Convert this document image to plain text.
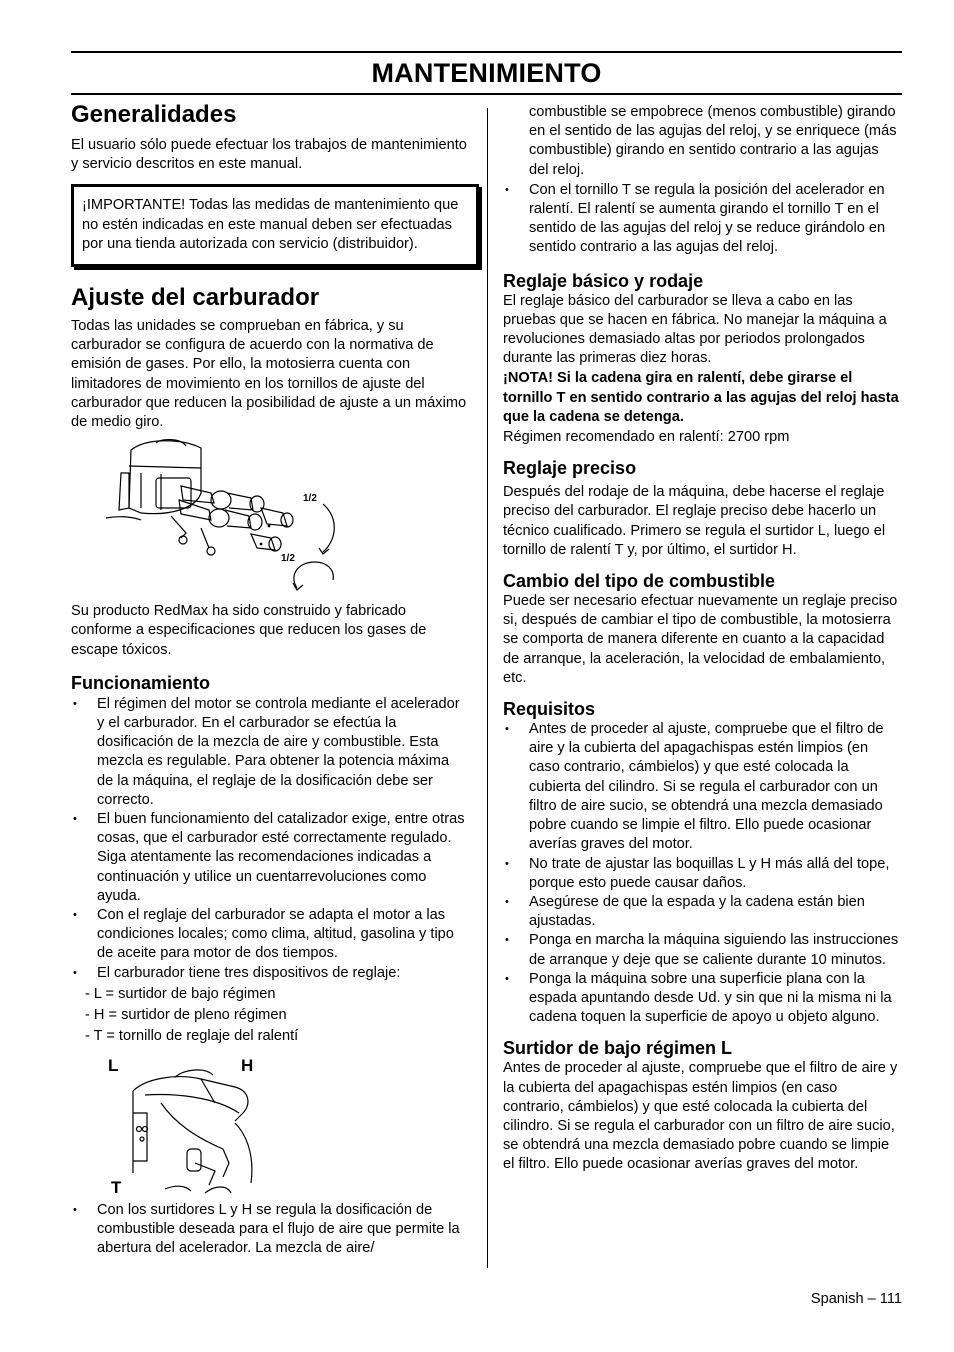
MANTENIMIENTO
Generalidades

El usuario sólo puede efectuar los trabajos de mantenimiento y servicio descritos en este manual.

¡IMPORTANTE! Todas las medidas de mantenimiento que no estén indicadas en este manual deben ser efectuadas por una tienda autorizada con servicio (distribuidor).
Ajuste del carburador

Todas las unidades se comprueban en fábrica, y su carburador se configura de acuerdo con la normativa de emisión de gases. Por ello, la motosierra cuenta con limitadores de movimiento en los tornillos de ajuste del carburador que reducen la posibilidad de ajuste a un máximo de medio giro.

1/2
1/2

Su producto RedMax ha sido construido y fabricado conforme a especificaciones que reducen los gases de escape tóxicos.

Funcionamiento
• El régimen del motor se controla mediante el acelerador y el carburador. En el carburador se efectúa la dosificación de la mezcla de aire y combustible. Esta mezcla es regulable. Para obtener la potencia máxima de la máquina, el reglaje de la dosificación debe ser correcto.
• El buen funcionamiento del catalizador exige, entre otras cosas, que el carburador esté correctamente regulado. Siga atentamente las recomendaciones indicadas a continuación y utilice un cuentarrevoluciones como ayuda.
• Con el reglaje del carburador se adapta el motor a las condiciones locales; como clima, altitud, gasolina y tipo de aceite para motor de dos tiempos.
• El carburador tiene tres dispositivos de reglaje:
- L = surtidor de bajo régimen
- H = surtidor de pleno régimen
- T = tornillo de reglaje del ralentí
L	H
T
• Con los surtidores L y H se regula la dosificación de combustible deseada para el flujo de aire que permite la abertura del acelerador. La mezcla de aire/

combustible se empobrece (menos combustible) girando en el sentido de las agujas del reloj, y se enriquece (más combustible) girando en sentido contrario a las agujas del reloj.

• Con el tornillo T se regula la posición del acelerador en ralentí. El ralentí se aumenta girando el tornillo T en el sentido de las agujas del reloj y se reduce girándolo en sentido contrario a las agujas del reloj.
Reglaje básico y rodaje

El reglaje básico del carburador se lleva a cabo en las pruebas que se hacen en fábrica. No manejar la máquina a revoluciones demasiado altas por periodos prolongados durante las primeras diez horas.

¡NOTA! Si la cadena gira en ralentí, debe girarse el tornillo T en sentido contrario a las agujas del reloj hasta que la cadena se detenga.

Régimen recomendado en ralentí: 2700 rpm

Reglaje preciso

Después del rodaje de la máquina, debe hacerse el reglaje preciso del carburador. El reglaje preciso debe hacerlo un técnico cualificado. Primero se regula el surtidor L, luego el tornillo de ralentí T y, por último, el surtidor H.

Cambio del tipo de combustible

Puede ser necesario efectuar nuevamente un reglaje preciso si, después de cambiar el tipo de combustible, la motosierra se comporta de manera diferente en cuanto a la capacidad de arranque, la aceleración, la velocidad de embalamiento, etc.

Requisitos
• Antes de proceder al ajuste, compruebe que el filtro de aire y la cubierta del apagachispas estén limpios (en caso contrario, cámbielos) y que esté colocada la cubierta del cilindro. Si se regula el carburador con un filtro de aire sucio, se obtendrá una mezcla demasiado pobre cuando se limpie el filtro. Ello puede ocasionar averías graves del motor.
• No trate de ajustar las boquillas L y H más allá del tope, porque esto puede causar daños.
• Asegúrese de que la espada y la cadena están bien ajustadas.
• Ponga en marcha la máquina siguiendo las instrucciones de arranque y deje que se caliente durante 10 minutos.
• Ponga la máquina sobre una superficie plana con la espada apuntando desde Ud. y sin que ni la misma ni la cadena toquen la superficie de apoyo u objeto alguno.
Surtidor de bajo régimen L

Antes de proceder al ajuste, compruebe que el filtro de aire y la cubierta del apagachispas estén limpios (en caso contrario, cámbielos) y que esté colocada la cubierta del cilindro. Si se regula el carburador con un filtro de aire sucio, se obtendrá una mezcla demasiado pobre cuando se limpie el filtro. Ello puede ocasionar averías graves del motor.

Spanish – 111
